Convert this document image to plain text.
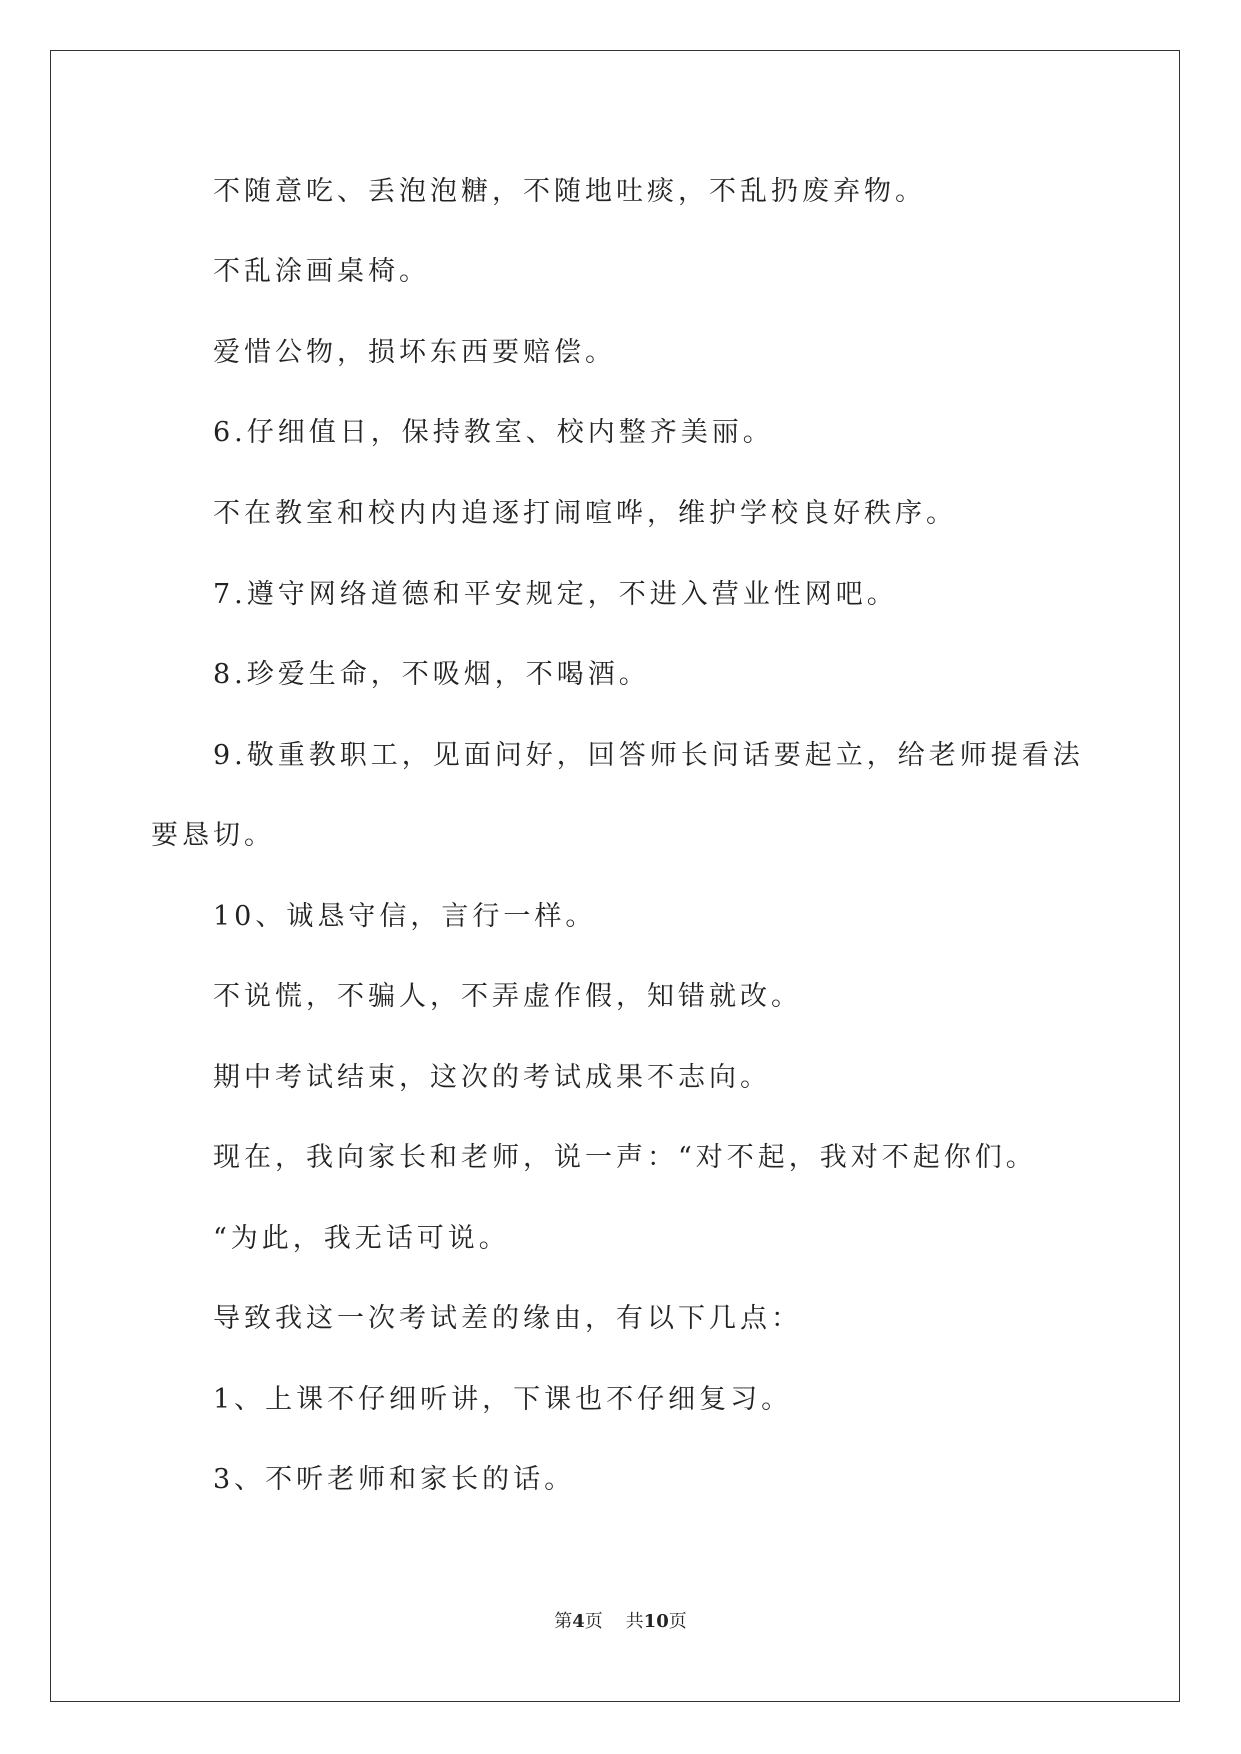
不随意吃、丢泡泡糖，不随地吐痰，不乱扔废弃物。

不乱涂画桌椅。

爱惜公物，损坏东西要赔偿。

6.仔细值日，保持教室、校内整齐美丽。

不在教室和校内内追逐打闹喧哗，维护学校良好秩序。

7.遵守网络道德和平安规定，不进入营业性网吧。

8.珍爱生命，不吸烟，不喝酒。

9.敬重教职工，见面问好，回答师长问话要起立，给老师提看法

要恳切。

10、诚恳守信，言行一样。

不说慌，不骗人，不弄虚作假，知错就改。

期中考试结束，这次的考试成果不志向。

现在，我向家长和老师，说一声：“对不起，我对不起你们。

“为此，我无话可说。

导致我这一次考试差的缘由，有以下几点：

1、上课不仔细听讲，下课也不仔细复习。

3、不听老师和家长的话。

第4页 共10页
